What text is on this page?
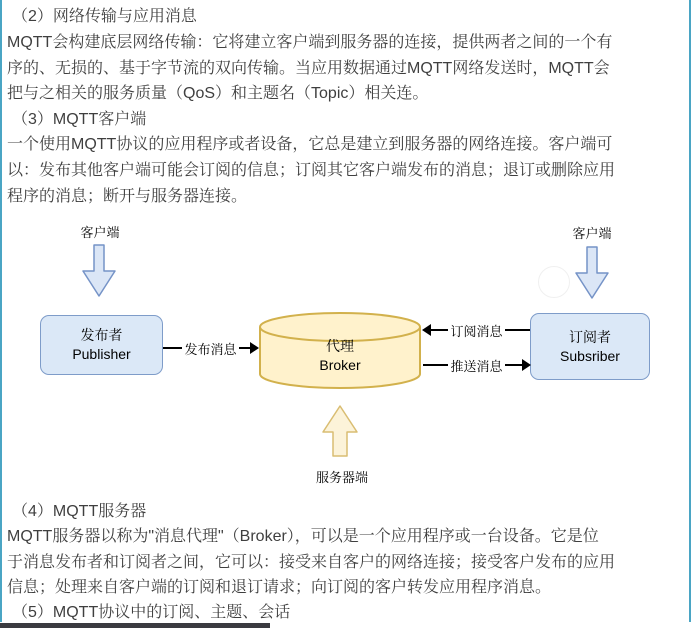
（2）网络传输与应用消息
MQTT会构建底层网络传输：它将建立客户端到服务器的连接，提供两者之间的一个有
序的、无损的、基于字节流的双向传输。当应用数据通过MQTT网络发送时，MQTT会
把与之相关的服务质量（QoS）和主题名（Topic）相关连。
（3）MQTT客户端
一个使用MQTT协议的应用程序或者设备，它总是建立到服务器的网络连接。客户端可
以：发布其他客户端可能会订阅的信息；订阅其它客户端发布的消息；退订或删除应用
程序的消息；断开与服务器连接。
客户端	客户端
发布者
Publisher	代理
Broker
订阅者
Subsriber
发布消息
订阅消息
推送消息
服务器端
（4）MQTT服务器
MQTT服务器以称为"消息代理"（Broker），可以是一个应用程序或一台设备。它是位
于消息发布者和订阅者之间，它可以：接受来自客户的网络连接；接受客户发布的应用
信息；处理来自客户端的订阅和退订请求；向订阅的客户转发应用程序消息。
（5）MQTT协议中的订阅、主题、会话
